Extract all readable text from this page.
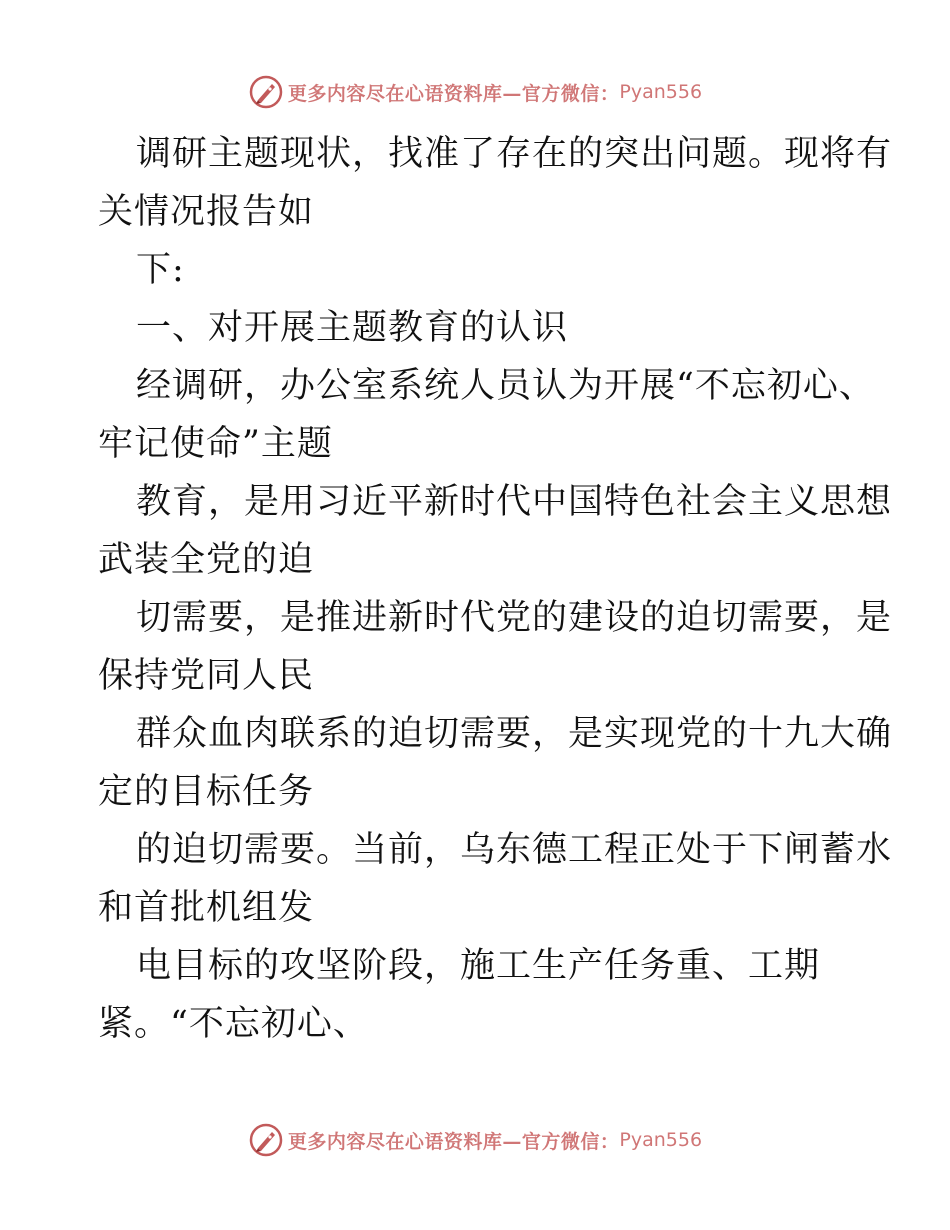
更多内容尽在心语资料库—官方微信： Pyan556
调研主题现状，找准了存在的突出问题。现将有
关情况报告如
下:
一、对开展主题教育的认识
经调研，办公室系统人员认为开展“不忘初心、
牢记使命”主题
教育，是用习近平新时代中国特色社会主义思想
武装全党的迫
切需要，是推进新时代党的建设的迫切需要，是
保持党同人民
群众血肉联系的迫切需要，是实现党的十九大确
定的目标任务
的迫切需要。当前，乌东德工程正处于下闸蓄水
和首批机组发
电目标的攻坚阶段，施工生产任务重、工期
紧。“不忘初心、
更多内容尽在心语资料库—官方微信： Pyan556
